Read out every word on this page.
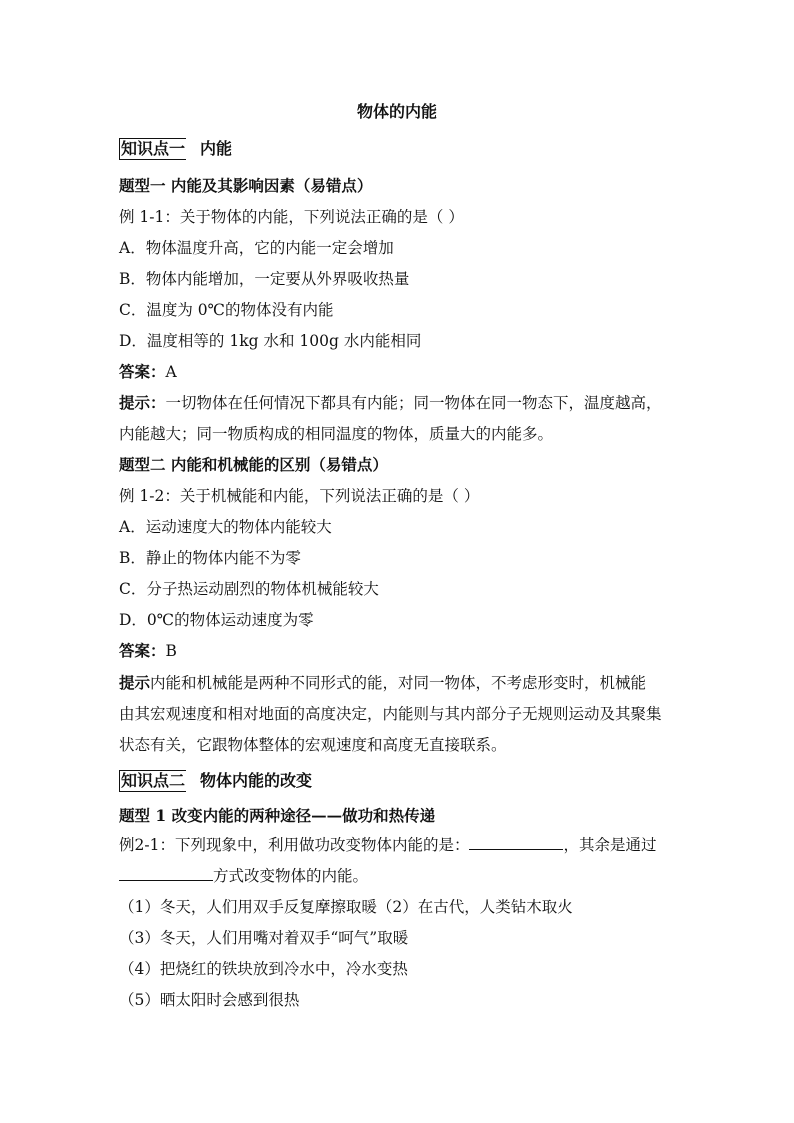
物体的内能
知识点一 内能
题型一 内能及其影响因素（易错点）
例 1-1：关于物体的内能，下列说法正确的是（ ）
A．物体温度升高，它的内能一定会增加
B．物体内能增加，一定要从外界吸收热量
C．温度为 0℃的物体没有内能
D．温度相等的 1kg 水和 100g 水内能相同
答案：A
提示：一切物体在任何情况下都具有内能；同一物体在同一物态下，温度越高，
内能越大；同一物质构成的相同温度的物体，质量大的内能多。
题型二 内能和机械能的区别（易错点）
例 1-2：关于机械能和内能，下列说法正确的是（ ）
A．运动速度大的物体内能较大
B．静止的物体内能不为零
C．分子热运动剧烈的物体机械能较大
D．0℃的物体运动速度为零
答案：B
提示内能和机械能是两种不同形式的能，对同一物体，不考虑形变时，机械能
由其宏观速度和相对地面的高度决定，内能则与其内部分子无规则运动及其聚集
状态有关，它跟物体整体的宏观速度和高度无直接联系。
知识点二 物体内能的改变
题型 1 改变内能的两种途径——做功和热传递
例2-1：下列现象中，利用做功改变物体内能的是：	，其余是通过
方式改变物体的内能。
（1）冬天，人们用双手反复摩擦取暖（2）在古代，人类钻木取火
（3）冬天，人们用嘴对着双手“呵气”取暖
（4）把烧红的铁块放到冷水中，冷水变热
（5）晒太阳时会感到很热
